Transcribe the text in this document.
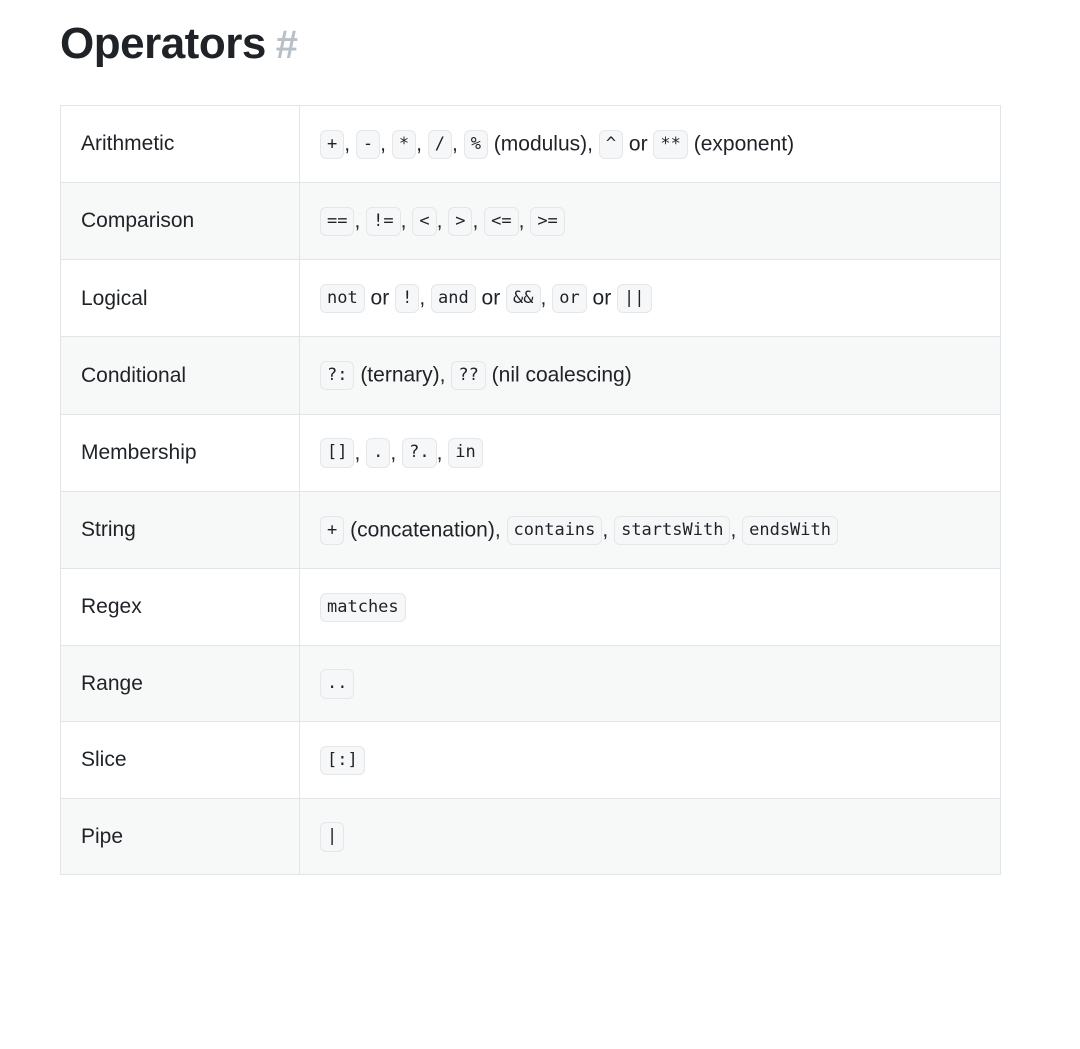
Operators #
Arithmetic	+ , - , * , / , % (modulus), ^ or ** (exponent)
Comparison	== , != , < , > , <= , >=
Logical	not or ! , and or && , or or ||
Conditional	?: (ternary), ?? (nil coalescing)
Membership	[] , . , ?. , in
String	+ (concatenation), contains , startsWith , endsWith
Regex	matches
Range	..
Slice	[:]
Pipe	|
